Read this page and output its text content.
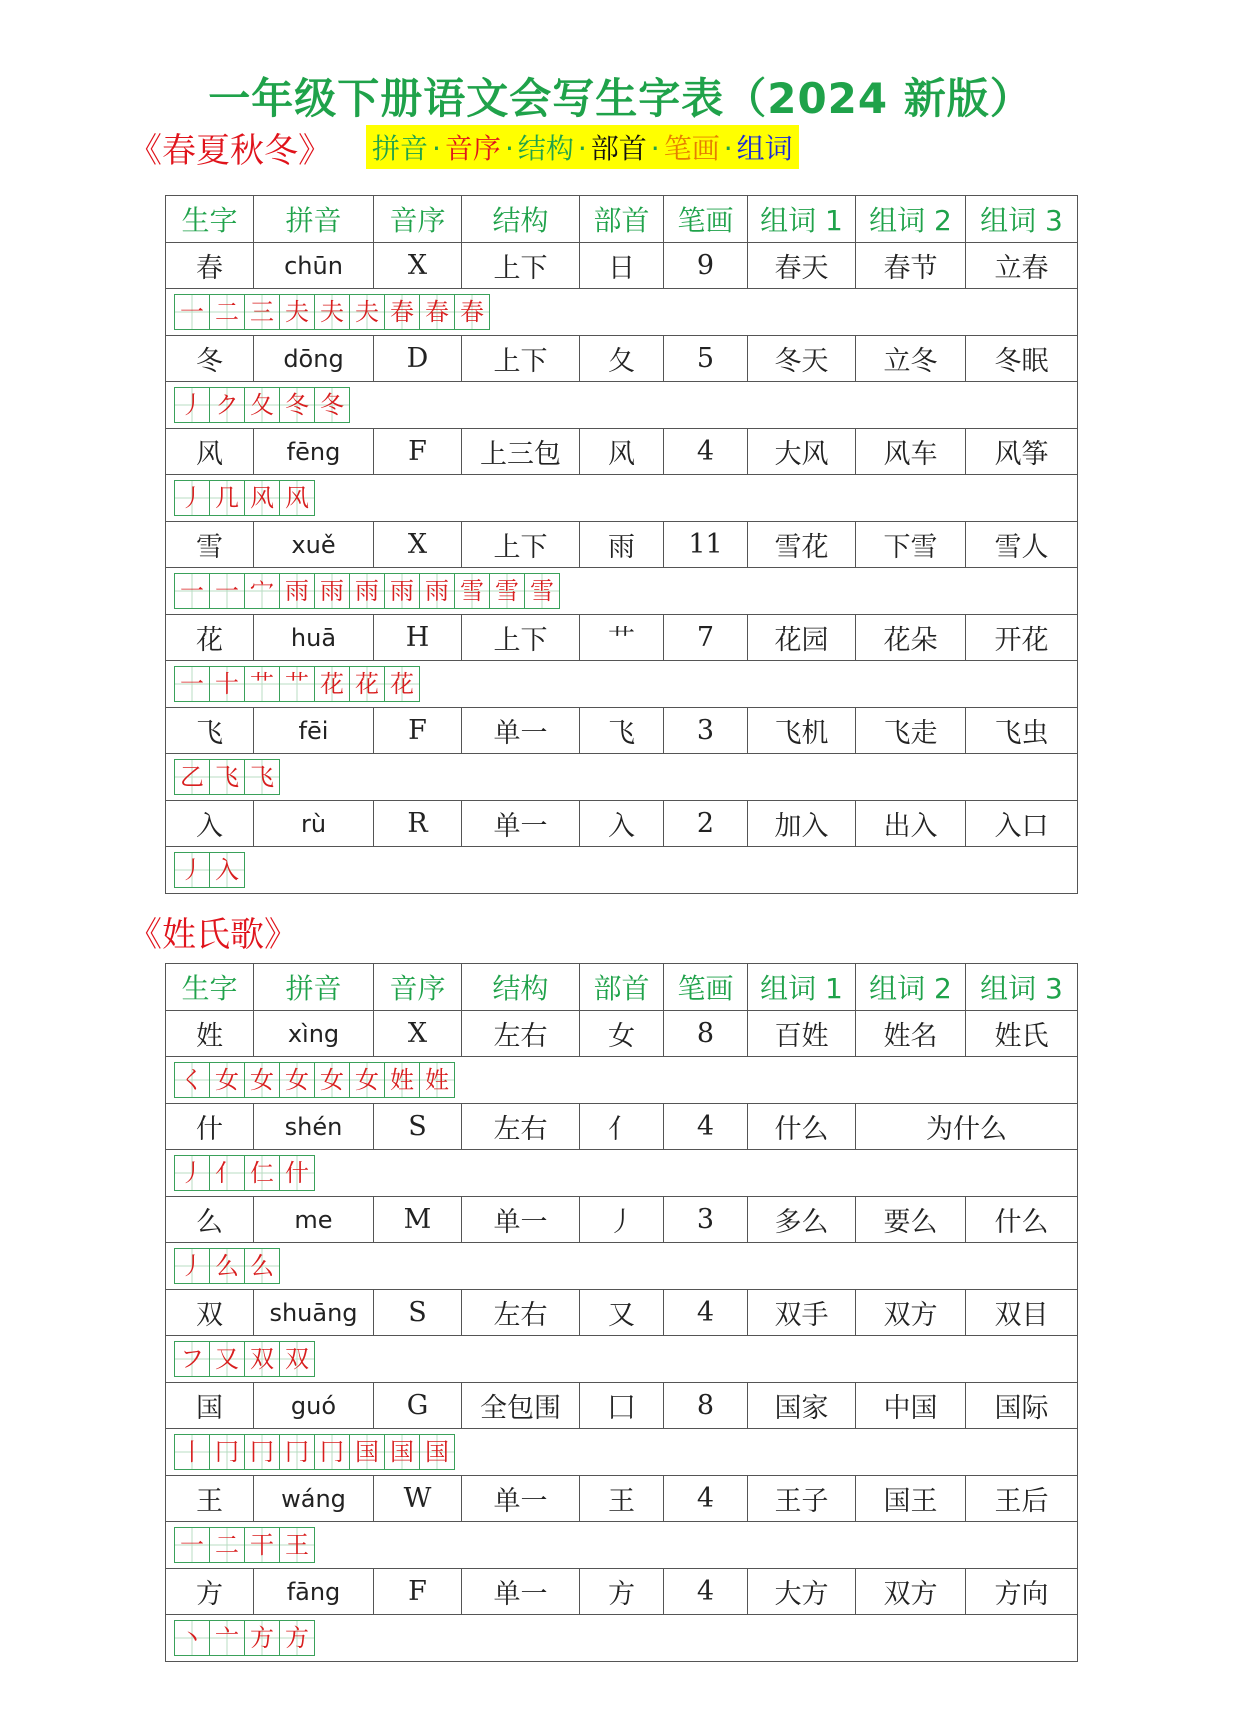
一年级下册语文会写生字表（2024 新版）
《春夏秋冬》 拼音 · 音序 · 结构 · 部首 · 笔画 · 组词
生字	拼音	音序	结构	部首	笔画	组词 1	组词 2	组词 3
春	chūn	X	上下	日	9	春天	春节	立春
一 二 三 夫 夫 夫 春 春 春								
冬	dōng	D	上下	夂	5	冬天	立冬	冬眠
丿 ク 夂 冬 冬								
风	fēng	F	上三包	风	4	大风	风车	风筝
丿 几 风 风								
雪	xuě	X	上下	雨	11	雪花	下雪	雪人
一 一 宀 雨 雨 雨 雨 雨 雪 雪 雪								
花	huā	H	上下	艹	7	花园	花朵	开花
一 十 艹 艹 花 花 花								
飞	fēi	F	单一	飞	3	飞机	飞走	飞虫
乙 飞 飞								
入	rù	R	单一	入	2	加入	出入	入口
丿 入								
《姓氏歌》
生字	拼音	音序	结构	部首	笔画	组词 1	组词 2	组词 3
姓	xìng	X	左右	女	8	百姓	姓名	姓氏
く 女 女 女 女 女 姓 姓								
什	shén	S	左右	亻	4	什么	为什么	
丿 亻 仁 什								
么	me	M	单一	丿	3	多么	要么	什么
丿 么 么								
双	shuāng	S	左右	又	4	双手	双方	双目
フ 又 双 双								
国	guó	G	全包围	囗	8	国家	中国	国际
丨 冂 冂 冂 冂 国 国 国								
王	wáng	W	单一	王	4	王子	国王	王后
一 二 干 王								
方	fāng	F	单一	方	4	大方	双方	方向
丶 亠 方 方								
